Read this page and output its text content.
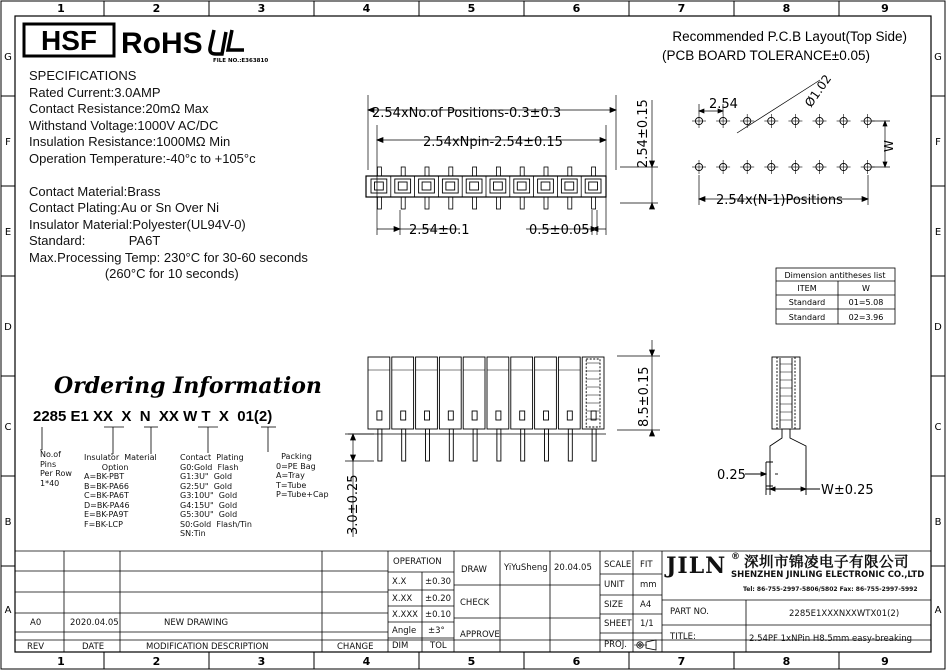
1
1
2
2
3
3
4
4
5
5
6
6
7
7
8
8
9
9
G	G
F	F
E	E
D	D
C	C
B	B
A	A
HSF RoHS
FILE NO.:E363810
2.54xNo.of Positions-0.3±0.3
2.54xNpin-2.54±0.15	2.54±0.15
2.54±0.1	0.5±0.05
Recommended P.C.B Layout(Top Side)
(PCB BOARD TOLERANCE±0.05)
2.54	Ø1.02
W
2.54x(N-1)Positions
Dimension antitheses list
ITEM	W
Standard	01=5.08
Standard	02=3.96
8.5±0.15
3.0±0.25	0.25
W±0.25
Ordering Information
2285 E1 XX  X  N  XX W T  X  01(2)
SPECIFICATIONS
Rated Current:3.0AMP
Contact Resistance:20mΩ Max
Withstand Voltage:1000V AC/DC
Insulation Resistance:1000MΩ Min
Operation Temperature:-40°c to +105°c
Contact Material:Brass
Contact Plating:Au or Sn Over Ni
Insulator Material:Polyester(UL94V-0)
Standard:            PA6T
Max.Processing Temp: 230°C for 30-60 seconds
(260°C for 10 seconds)
No.of
Pins
Per Row
1*40
Insulator  Material
Option
A=BK-PBT
B=BK-PA66
C=BK-PA6T
D=BK-PA46
E=BK-PA9T
F=BK-LCP
Contact  Plating
G0:Gold  Flash
G1:3U"  Gold
G2:5U"  Gold
G3:10U"  Gold
G4:15U"  Gold
G5:30U"  Gold
S0:Gold  Flash/Tin
SN:Tin
Packing
0=PE Bag
A=Tray
T=Tube
P=Tube+Cap
OPERATION
X.X ±0.30
X.XX ±0.20
X.XXX ±0.10
Angle ±3°
DIM	TOL
DRAW YiYuSheng 20.04.05
CHECK
APPROVE
SCALE FIT
UNIT mm
SIZE A4
SHEET 1/1
PROJ.
JILN ® 深圳市锦凌电子有限公司
SHENZHEN JINLING ELECTRONIC CO.,LTD
Tel: 86-755-2997-5806/5802 Fax: 86-755-2997-5992
PART NO.	2285E1XXXNXXWTX01(2)
TITLE:	2.54PF 1xNPin H8.5mm easy-breaking
A0	2020.04.05	NEW DRAWING
REV	DATE	MODIFICATION DESCRIPTION	CHANGE
